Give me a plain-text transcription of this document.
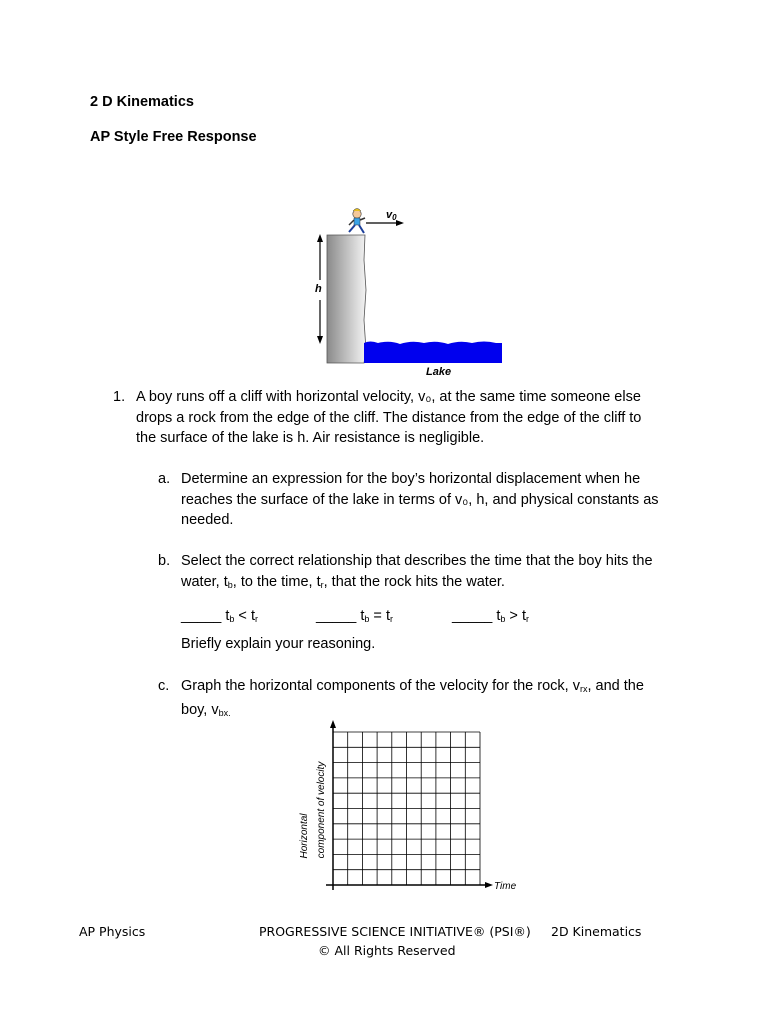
2 D Kinematics
AP Style Free Response
v0
h
Lake
1. A boy runs off a cliff with horizontal velocity, v₀, at the same time someone else
drops a rock from the edge of the cliff. The distance from the edge of the cliff to
the surface of the lake is h. Air resistance is negligible.
a. Determine an expression for the boy’s horizontal displacement when he
reaches the surface of the lake in terms of v₀, h, and physical constants as
needed.
b. Select the correct relationship that describes the time that the boy hits the
water, $t_b$, to the time, $t_r$, that the rock hits the water.
_____ $t_b < t_r$	_____ $t_b = t_r$	_____ $t_b > t_r$
Briefly explain your reasoning.
c. Graph the horizontal components of the velocity for the rock, $v_{rx}$, and the
boy, $v_{bx.}$
Time
Horizontal component of velocity
AP Physics	PROGRESSIVE SCIENCE INITIATIVE® (PSI®)
© All Rights Reserved
2D Kinematics
